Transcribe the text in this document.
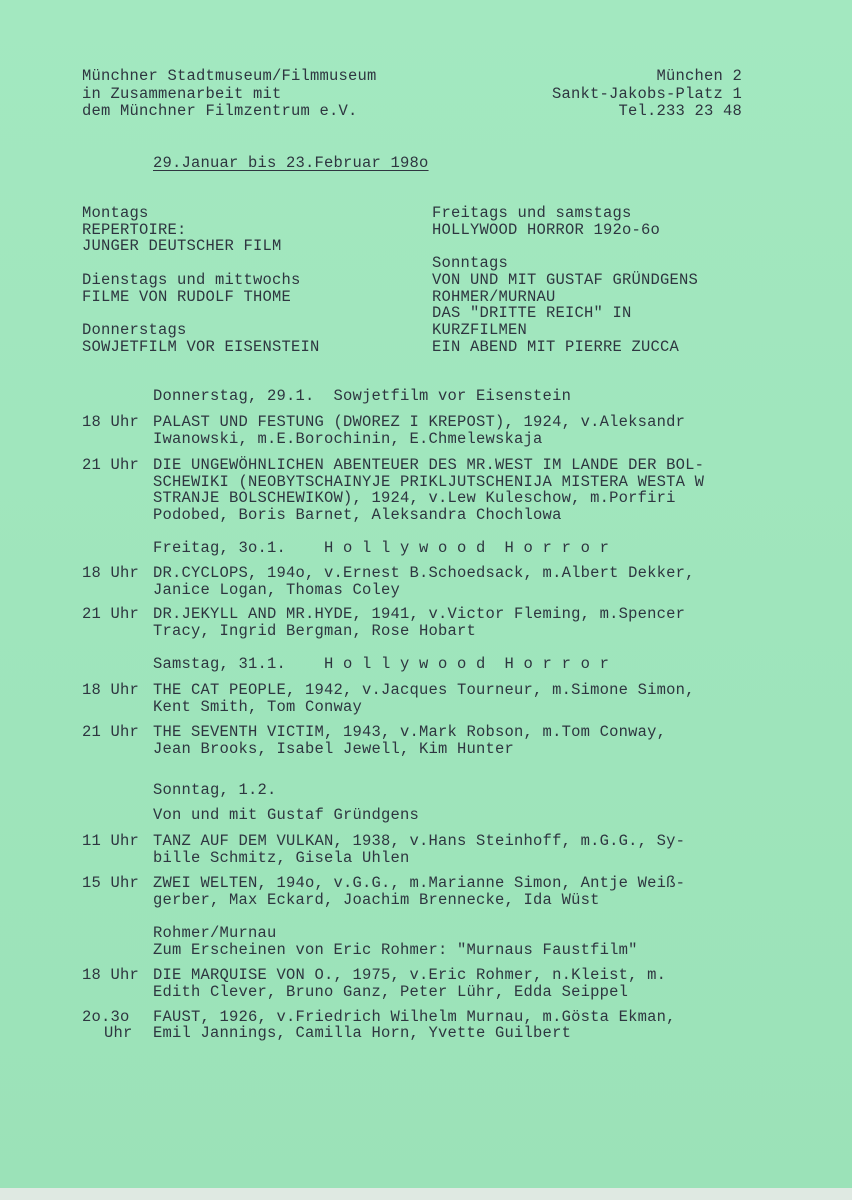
Münchner Stadtmuseum/Filmmuseum
in Zusammenarbeit mit
dem Münchner Filmzentrum e.V.
München 2
Sankt-Jakobs-Platz 1
Tel.233 23 48
29.Januar bis 23.Februar 198o
Montags
REPERTOIRE:
JUNGER DEUTSCHER FILM
Dienstags und mittwochs
FILME VON RUDOLF THOME
Donnerstags
SOWJETFILM VOR EISENSTEIN
Freitags und samstags
HOLLYWOOD HORROR 192o-6o
Sonntags
VON UND MIT GUSTAF GRÜNDGENS
ROHMER/MURNAU
DAS "DRITTE REICH" IN
KURZFILMEN
EIN ABEND MIT PIERRE ZUCCA
Donnerstag, 29.1.  Sowjetfilm vor Eisenstein
18 Uhr PALAST UND FESTUNG (DWOREZ I KREPOST), 1924, v.Aleksandr
Iwanowski, m.E.Borochinin, E.Chmelewskaja
21 Uhr DIE UNGEWÖHNLICHEN ABENTEUER DES MR.WEST IM LANDE DER BOL-
SCHEWIKI (NEOBYTSCHAINYJE PRIKLJUTSCHENIJA MISTERA WESTA W
STRANJE BOLSCHEWIKOW), 1924, v.Lew Kuleschow, m.Porfiri
Podobed, Boris Barnet, Aleksandra Chochlowa
Freitag, 3o.1.    H o l l y w o o d  H o r r o r
18 Uhr DR.CYCLOPS, 194o, v.Ernest B.Schoedsack, m.Albert Dekker,
Janice Logan, Thomas Coley
21 Uhr DR.JEKYLL AND MR.HYDE, 1941, v.Victor Fleming, m.Spencer
Tracy, Ingrid Bergman, Rose Hobart
Samstag, 31.1.    H o l l y w o o d  H o r r o r
18 Uhr THE CAT PEOPLE, 1942, v.Jacques Tourneur, m.Simone Simon,
Kent Smith, Tom Conway
21 Uhr THE SEVENTH VICTIM, 1943, v.Mark Robson, m.Tom Conway,
Jean Brooks, Isabel Jewell, Kim Hunter
Sonntag, 1.2.
Von und mit Gustaf Gründgens
11 Uhr TANZ AUF DEM VULKAN, 1938, v.Hans Steinhoff, m.G.G., Sy-
bille Schmitz, Gisela Uhlen
15 Uhr ZWEI WELTEN, 194o, v.G.G., m.Marianne Simon, Antje Weiß-
gerber, Max Eckard, Joachim Brennecke, Ida Wüst
Rohmer/Murnau
Zum Erscheinen von Eric Rohmer: "Murnaus Faustfilm"
18 Uhr DIE MARQUISE VON O., 1975, v.Eric Rohmer, n.Kleist, m.
Edith Clever, Bruno Ganz, Peter Lühr, Edda Seippel
2o.3o
Uhr
FAUST, 1926, v.Friedrich Wilhelm Murnau, m.Gösta Ekman,
Emil Jannings, Camilla Horn, Yvette Guilbert
